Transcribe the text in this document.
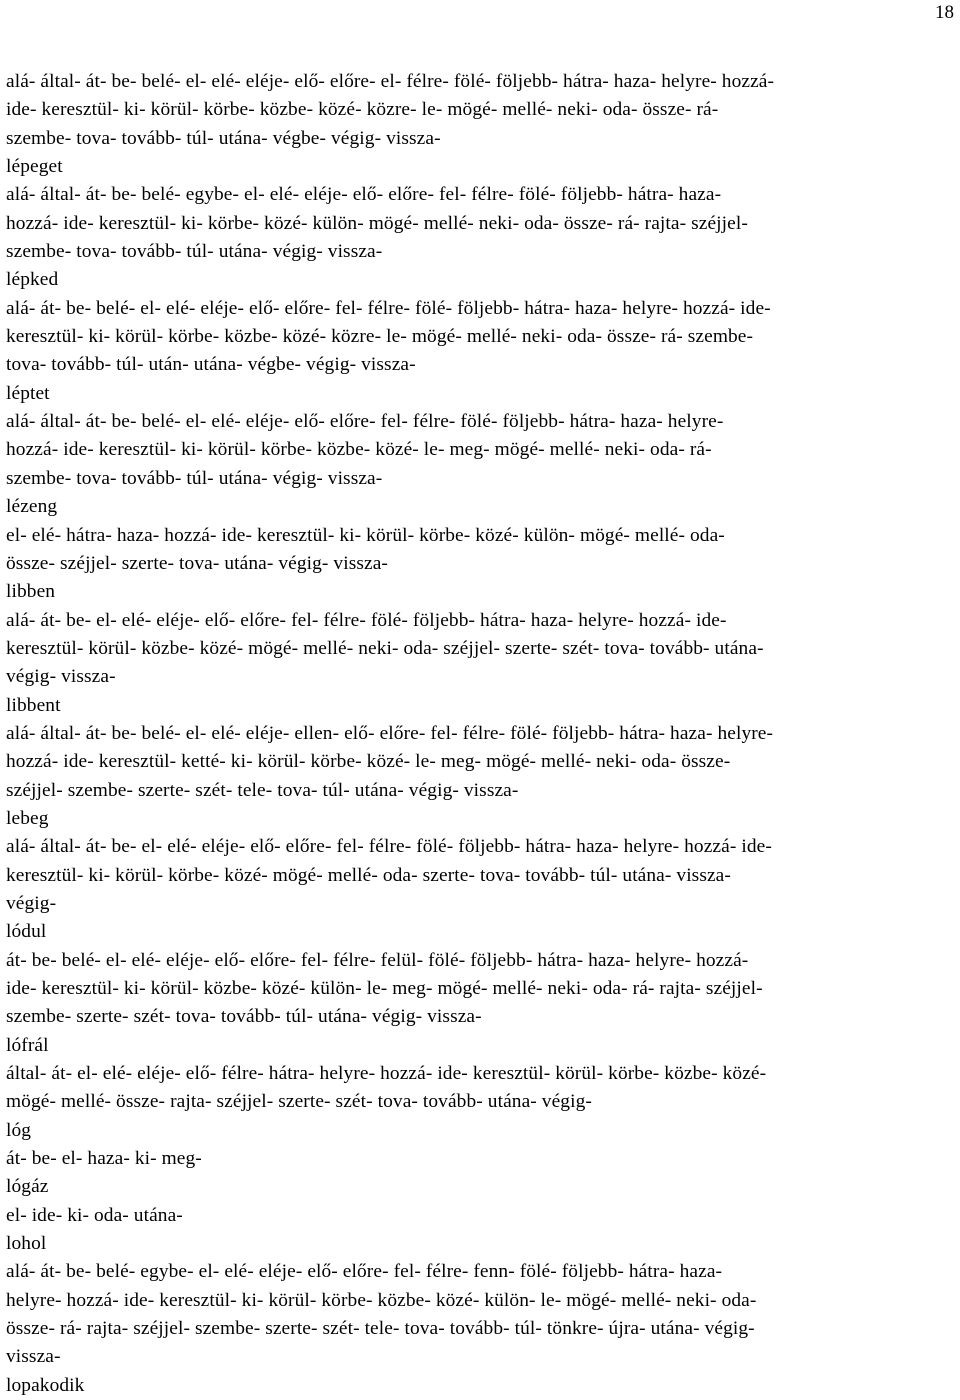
18
alá- által- át- be- belé- el- elé- eléje- elő- előre- el- félre- fölé- följebb- hátra- haza- helyre- hozzá-
ide- keresztül- ki- körül- körbe- közbe- közé- közre- le- mögé- mellé- neki- oda- össze- rá-
szembe- tova- tovább- túl- utána- végbe- végig- vissza-
lépeget
alá- által- át- be- belé- egybe- el- elé- eléje- elő- előre- fel- félre- fölé- följebb- hátra- haza-
hozzá- ide- keresztül- ki- körbe- közé- külön- mögé- mellé- neki- oda- össze- rá- rajta- széjjel-
szembe- tova- tovább- túl- utána- végig- vissza-
lépked
alá- át- be- belé- el- elé- eléje- elő- előre- fel- félre- fölé- följebb- hátra- haza- helyre- hozzá- ide-
keresztül- ki- körül- körbe- közbe- közé- közre- le- mögé- mellé- neki- oda- össze- rá- szembe-
tova- tovább- túl- után- utána- végbe- végig- vissza-
léptet
alá- által- át- be- belé- el- elé- eléje- elő- előre- fel- félre- fölé- följebb- hátra- haza- helyre-
hozzá- ide- keresztül- ki- körül- körbe- közbe- közé- le- meg- mögé- mellé- neki- oda- rá-
szembe- tova- tovább- túl- utána- végig- vissza-
lézeng
el- elé- hátra- haza- hozzá- ide- keresztül- ki- körül- körbe- közé- külön- mögé- mellé- oda-
össze- széjjel- szerte- tova- utána- végig- vissza-
libben
alá- át- be- el- elé- eléje- elő- előre- fel- félre- fölé- följebb- hátra- haza- helyre- hozzá- ide-
keresztül- körül- közbe- közé- mögé- mellé- neki- oda- széjjel- szerte- szét- tova- tovább- utána-
végig- vissza-
libbent
alá- által- át- be- belé- el- elé- eléje- ellen- elő- előre- fel- félre- fölé- följebb- hátra- haza- helyre-
hozzá- ide- keresztül- ketté- ki- körül- körbe- közé- le- meg- mögé- mellé- neki- oda- össze-
széjjel- szembe- szerte- szét- tele- tova- túl- utána- végig- vissza-
lebeg
alá- által- át- be- el- elé- eléje- elő- előre- fel- félre- fölé- följebb- hátra- haza- helyre- hozzá- ide-
keresztül- ki- körül- körbe- közé- mögé- mellé- oda- szerte- tova- tovább- túl- utána- vissza-
végig-
lódul
át- be- belé- el- elé- eléje- elő- előre- fel- félre- felül- fölé- följebb- hátra- haza- helyre- hozzá-
ide- keresztül- ki- körül- közbe- közé- külön- le- meg- mögé- mellé- neki- oda- rá- rajta- széjjel-
szembe- szerte- szét- tova- tovább- túl- utána- végig- vissza-
lófrál
által- át- el- elé- eléje- elő- félre- hátra- helyre- hozzá- ide- keresztül- körül- körbe- közbe- közé-
mögé- mellé- össze- rajta- széjjel- szerte- szét- tova- tovább- utána- végig-
lóg
át- be- el- haza- ki- meg-
lógáz
el- ide- ki- oda- utána-
lohol
alá- át- be- belé- egybe- el- elé- eléje- elő- előre- fel- félre- fenn- fölé- följebb- hátra- haza-
helyre- hozzá- ide- keresztül- ki- körül- körbe- közbe- közé- külön- le- mögé- mellé- neki- oda-
össze- rá- rajta- széjjel- szembe- szerte- szét- tele- tova- tovább- túl- tönkre- újra- utána- végig-
vissza-
lopakodik
